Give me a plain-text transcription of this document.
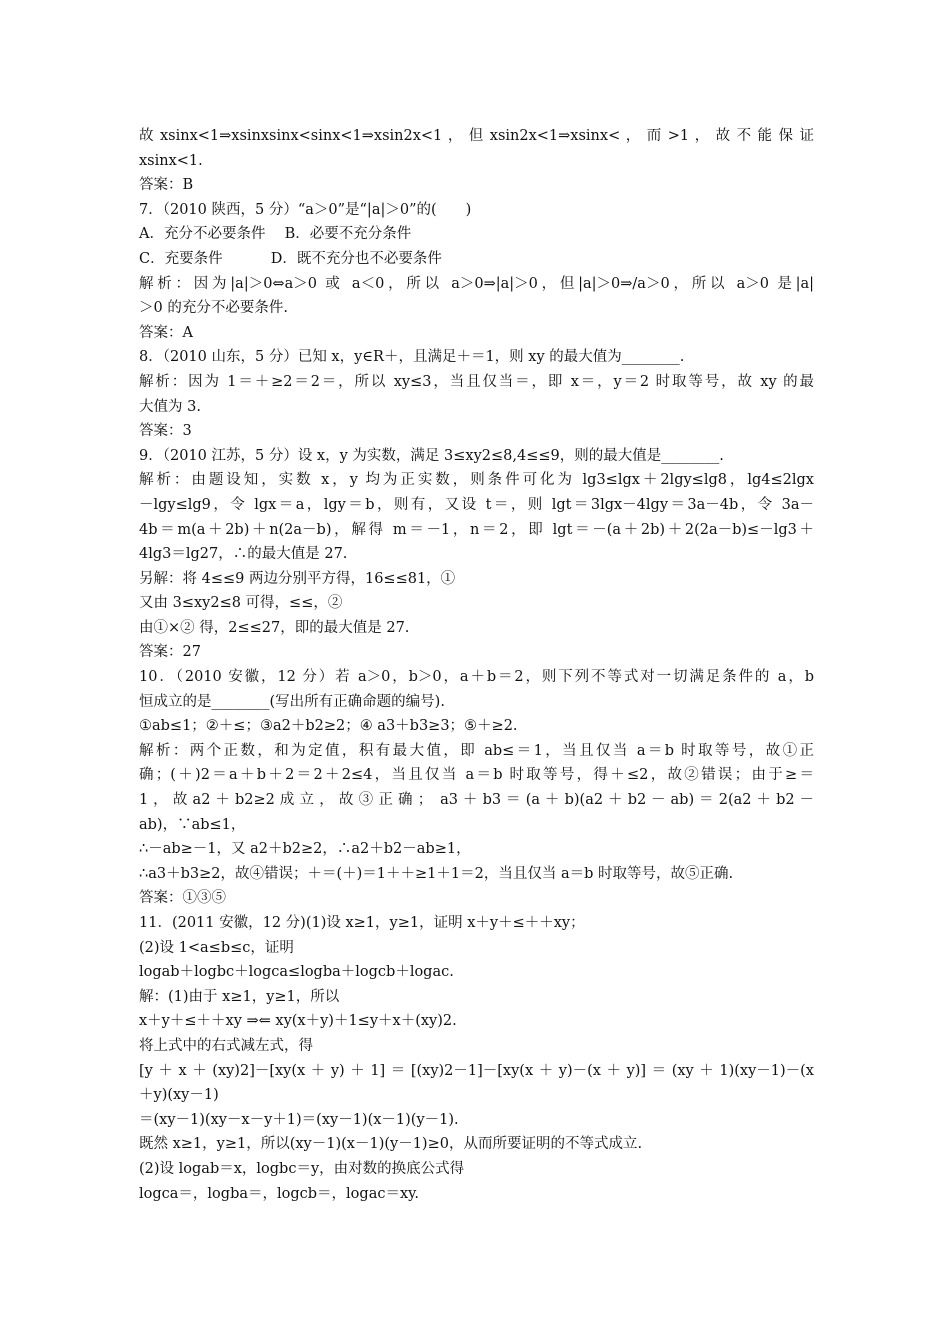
故 xsinx<1⇒xsinxsinx<sinx<1⇒xsin2x<1 ， 但 xsin2x<1⇒xsinx< ， 而 >1 ， 故 不 能 保 证
xsinx<1.
答案：B
7．（2010 陕西，5 分）“a＞0”是“|a|＞0”的(　　)
A．充分不必要条件　 B．必要不充分条件
C．充要条件　　　 D．既不充分也不必要条件
解析：因为|a|＞0⇔a＞0 或 a＜0，所以 a＞0⇒|a|＞0，但|a|＞0⇒/a＞0，所以 a＞0 是|a|
＞0 的充分不必要条件.
答案：A
8．（2010 山东，5 分）已知 x，y∈R＋，且满足＋＝1，则 xy 的最大值为________.
解析：因为 1＝＋≥2＝2＝，所以 xy≤3，当且仅当＝，即 x＝，y＝2 时取等号，故 xy 的最
大值为 3.
答案：3
9．（2010 江苏，5 分）设 x，y 为实数，满足 3≤xy2≤8,4≤≤9，则的最大值是________.
解析：由题设知，实数 x，y 均为正实数，则条件可化为 lg3≤lgx＋2lgy≤lg8，lg4≤2lgx
－lgy≤lg9，令 lgx＝a，lgy＝b，则有，又设 t＝，则 lgt＝3lgx－4lgy＝3a－4b，令 3a－
4b＝m(a＋2b)＋n(2a－b)，解得 m＝－1，n＝2，即 lgt＝－(a＋2b)＋2(2a－b)≤－lg3＋
4lg3＝lg27，∴的最大值是 27.
另解：将 4≤≤9 两边分别平方得，16≤≤81，①
又由 3≤xy2≤8 可得，≤≤，②
由①×② 得，2≤≤27，即的最大值是 27.
答案：27
10．（2010 安徽，12 分）若 a＞0，b＞0，a＋b＝2，则下列不等式对一切满足条件的 a，b
恒成立的是________(写出所有正确命题的编号).
①ab≤1；②＋≤；③a2＋b2≥2；④ a3＋b3≥3；⑤＋≥2.
解析：两个正数，和为定值，积有最大值，即 ab≤＝1，当且仅当 a＝b 时取等号，故①正
确；(＋)2＝a＋b＋2＝2＋2≤4，当且仅当 a＝b 时取等号，得＋≤2，故②错误；由于≥＝
1 ， 故 a2 ＋ b2≥2 成 立 ， 故 ③ 正 确 ；　a3 ＋ b3 ＝ (a ＋ b)(a2 ＋ b2 － ab) ＝ 2(a2 ＋ b2 －
ab)，∵ab≤1，
∴－ab≥－1，又 a2＋b2≥2，∴a2＋b2－ab≥1，
∴a3＋b3≥2，故④错误；＋＝(＋)＝1＋＋≥1＋1＝2，当且仅当 a＝b 时取等号，故⑤正确.
答案：①③⑤
11．(2011 安徽，12 分)(1)设 x≥1，y≥1，证明 x＋y＋≤＋＋xy；
(2)设 1<a≤b≤c，证明
logab＋logbc＋logca≤logba＋logcb＋logac.
解：(1)由于 x≥1，y≥1，所以
x＋y＋≤＋＋xy ⇒⇐ xy(x＋y)＋1≤y＋x＋(xy)2.
将上式中的右式减左式，得
[y＋x＋(xy)2]－[xy(x＋y)＋1]＝[(xy)2－1]－[xy(x＋y)－(x＋y)]＝(xy＋1)(xy－1)－(x
＋y)(xy－1)
＝(xy－1)(xy－x－y＋1)＝(xy－1)(x－1)(y－1).
既然 x≥1，y≥1，所以(xy－1)(x－1)(y－1)≥0，从而所要证明的不等式成立.
(2)设 logab＝x，logbc＝y，由对数的换底公式得
logca＝，logba＝，logcb＝，logac＝xy.
